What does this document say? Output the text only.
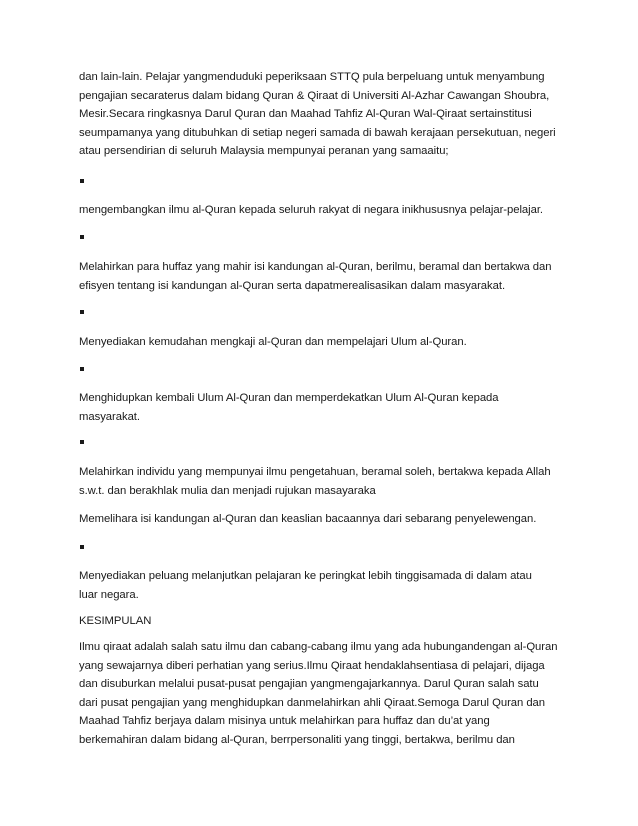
dan lain-lain. Pelajar yangmenduduki peperiksaan STTQ pula berpeluang untuk menyambung
pengajian secaraterus dalam bidang Quran & Qiraat di Universiti Al-Azhar Cawangan Shoubra,
Mesir.Secara ringkasnya Darul Quran dan Maahad Tahfiz Al-Quran Wal-Qiraat sertainstitusi
seumpamanya yang ditubuhkan di setiap negeri samada di bawah kerajaan persekutuan, negeri
atau persendirian di seluruh Malaysia mempunyai peranan yang samaaitu;
mengembangkan ilmu al-Quran kepada seluruh rakyat di negara inikhususnya pelajar-pelajar.
Melahirkan para huffaz yang mahir isi kandungan al-Quran, berilmu, beramal dan bertakwa dan
efisyen tentang isi kandungan al-Quran serta dapatmerealisasikan dalam masyarakat.
Menyediakan kemudahan mengkaji al-Quran dan mempelajari Ulum al-Quran.
Menghidupkan kembali Ulum Al-Quran dan memperdekatkan Ulum Al-Quran kepada
masyarakat.
Melahirkan individu yang mempunyai ilmu pengetahuan, beramal soleh, bertakwa kepada Allah
s.w.t. dan berakhlak mulia dan menjadi rujukan masayaraka
Memelihara isi kandungan al-Quran dan keaslian bacaannya dari sebarang penyelewengan.
Menyediakan peluang melanjutkan pelajaran ke peringkat lebih tinggisamada di dalam atau
luar negara.
KESIMPULAN
Ilmu qiraat adalah salah satu ilmu dan cabang-cabang ilmu yang ada hubungandengan al-Quran
yang sewajarnya diberi perhatian yang serius.Ilmu Qiraat hendaklahsentiasa di pelajari, dijaga
dan disuburkan melalui pusat-pusat pengajian yangmengajarkannya. Darul Quran salah satu
dari pusat pengajian yang menghidupkan danmelahirkan ahli Qiraat.Semoga Darul Quran dan
Maahad Tahfiz berjaya dalam misinya untuk melahirkan para huffaz dan du’at yang
berkemahiran dalam bidang al-Quran, berrpersonaliti yang tinggi, bertakwa, berilmu dan
